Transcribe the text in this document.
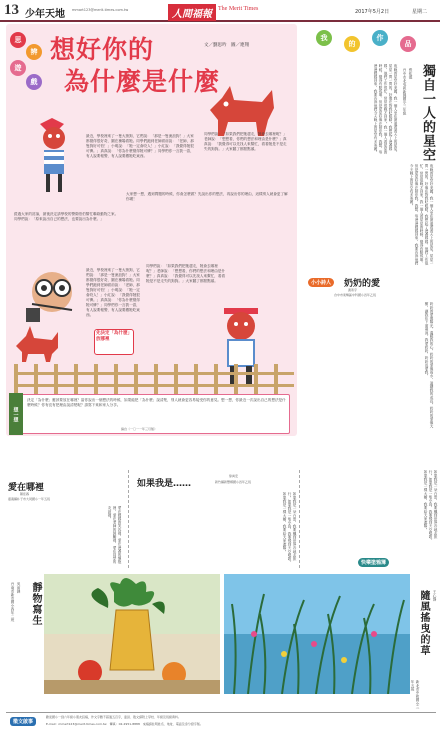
13 少年天地 mmart123@merit-times.com.tw	人間福報	The Merit Times	2017年5月2日	星期二
思
辨
遊
戲
想好你的
為什麼是什麼
文／劉思吟　圖／連翔
最近，學校裡來了一隻大狼狗，它們說：「那是一隻流浪狗！」大家都覺得很好奇，圍在操場看牠。同學們跑到老師面前說：「老師，那隻狗好可怕！」小明說：「牠一定會咬人！」小紅說：「我覺得牠很可憐。」真真說：「你為什麼覺得牠可憐？」同學們你一言我一語，有人說要報警，有人說要餵牠吃東西。
同學們說：「如果我們把牠趕走，牠會去哪裡呢？」老師說：「想想看，你們的想法和理由是什麼？」真真說：「我覺得可以先找人來幫忙，看看牠是不是走失的狗狗。」大家聽了都點點頭。
經過大家的討論，最後決定請學校的警衛伯伯幫忙聯絡動物之家。同學們說：「原來說出自己的想法，也要說出為什麼。」
大家想一想，遇到問題的時候，你會怎麼做？先說出你的想法，再說出你的理由，這樣別人就會更了解你喔！
最近，學校裡來了一隻大狼狗，它們說：「那是一隻流浪狗！」大家都覺得很好奇，圍在操場看牠。同學們跑到老師面前說：「老師，那隻狗好可怕！」小明說：「牠一定會咬人！」小紅說：「我覺得牠很可憐。」真真說：「你為什麼覺得牠可憐？」同學們你一言我一語，有人說要報警，有人說要餵牠吃東西。
同學們說：「如果我們把牠趕走，牠會去哪裡呢？」老師說：「想想看，你們的想法和理由是什麼？」真真說：「我覺得可以先找人來幫忙，看看牠是不是走失的狗狗。」大家聽了都點點頭。
先決定「為什麼」放哪裡
想一想
決定「為什麼」應該要放在哪裡？當你說出一個想法的時候，如果能把「為什麼」說清楚，別人就會更容易接受你的意見。想一想，你最近一次說出自己的想法是什麼時候？你有沒有把理由說清楚呢？請寫下來和家人分享。
摘自《一〇一一年三月號》
我
的
作
品
獨自一人的星空
張佑德
台中市北屯區新興國小三年級
夜晚的星空好美麗，我一個人坐在窗邊看著天上的星星。星星一閃一閃的，好像在對我眨眼睛。我想起了爸爸媽媽，他們工作很忙，常常很晚才回家。我一個人看星星的時候，覺得有點孤單，但是星星好像在陪伴我。我想，等爸爸媽媽回來，我要告訴他們今天晚上的星空有多美麗。
夜晚的星空好美麗，我一個人坐在窗邊看著天上的星星。星星一閃一閃的，好像在對我眨眼睛。我想起了爸爸媽媽，他們工作很忙，常常很晚才回家。我一個人看星星的時候，覺得有點孤單，但是星星好像在陪伴我。我想，等爸爸媽媽回來，我要告訴他們今天晚上的星空有多美麗。
小小詩人	奶奶的愛
黃宥宇
台中市東勢區中科國小四年乙班
奶奶的愛像陽光，溫暖我的心。奶奶的愛像雨水，滋潤我的成長。奶奶的愛像大樹，讓我在下面乘涼。我愛奶奶，奶奶也愛我。
愛在哪裡
陳佳蓉
嘉義縣朴子市大同國小一年五班
愛在媽媽的笑容裡，愛在爸爸的懷抱裡，愛在老師的鼓勵裡，愛在同學的友誼裡。
如果我是……
徐禹安
新竹縣新豐鄉國小四年乙班
如果我是一朵白雲，我要飄到世界各地去旅行。如果我是一隻小鳥，我要飛到天空唱歌。如果我是一棵大樹，我要給大家遮陽。	如果我是一朵白雲，我要飄到世界各地去旅行。如果我是一隻小鳥，我要飛到天空唱歌。如果我是一棵大樹，我要給大家遮陽。
快樂塗鴉簿
靜物寫生
吳沛涵
台南市新市國小四年二班	隨風搖曳的草	王心靜
新北市中和國小三年五班
徵文啟事
歡迎國小一到六年級小朋友投稿，作文字數不超過五百字，童詩、散文請附上學校、年級及班級資料。
E-mail：mmart123@merit-times.com.tw　傳真：02-2951-8888　來稿請註明姓名、地址、電話及身分證字號。
